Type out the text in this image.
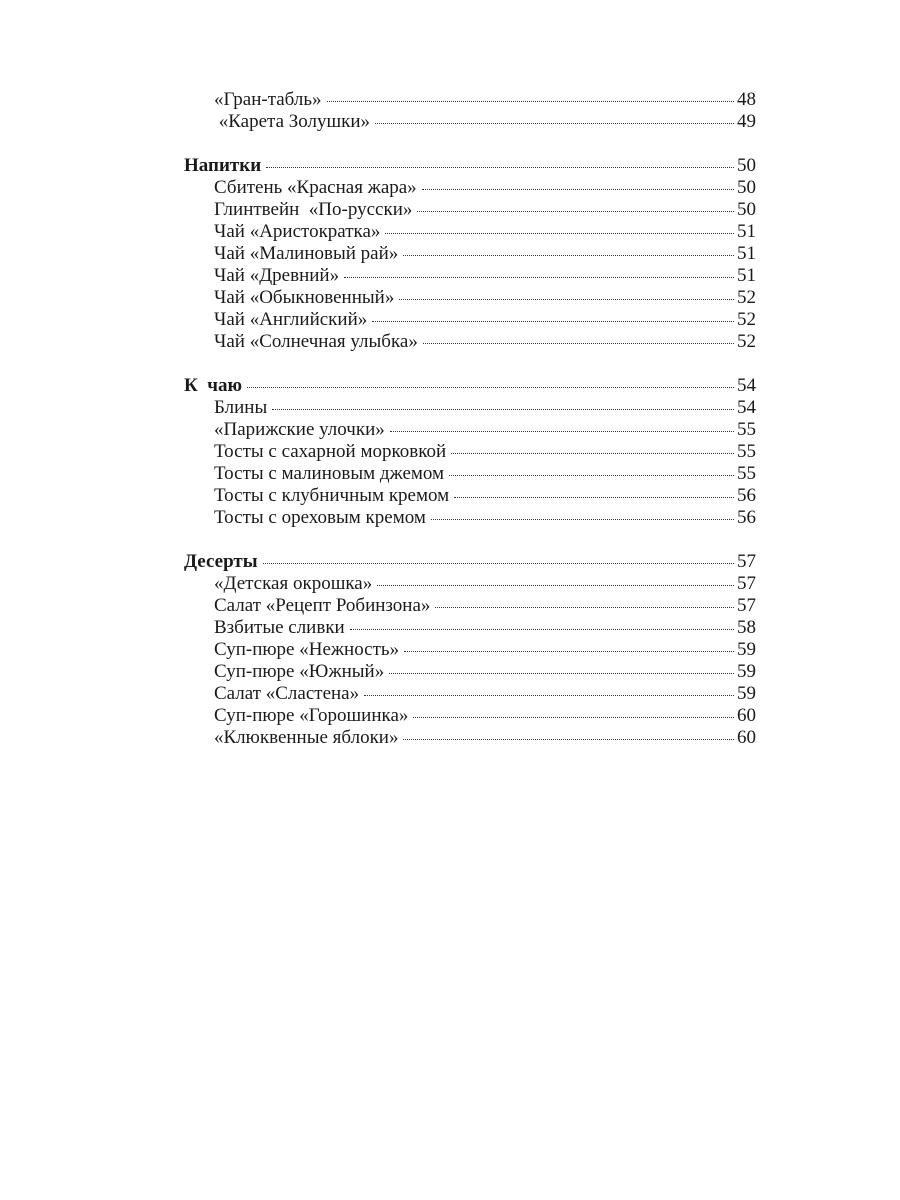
«Гран-табль»	48
«Карета Золушки»	49
Напитки	50
Сбитень «Красная жара»	50
Глинтвейн  «По-русски»	50
Чай «Аристократка»	51
Чай «Малиновый рай»	51
Чай «Древний»	51
Чай «Обыкновенный»	52
Чай «Английский»	52
Чай «Солнечная улыбка»	52
К  чаю	54
Блины	54
«Парижские улочки»	55
Тосты с сахарной морковкой	55
Тосты с малиновым джемом	55
Тосты с клубничным кремом	56
Тосты с ореховым кремом	56
Десерты	57
«Детская окрошка»	57
Салат «Рецепт Робинзона»	57
Взбитые сливки	58
Суп-пюре «Нежность»	59
Суп-пюре «Южный»	59
Салат «Сластена»	59
Суп-пюре «Горошинка»	60
«Клюквенные яблоки»	60
